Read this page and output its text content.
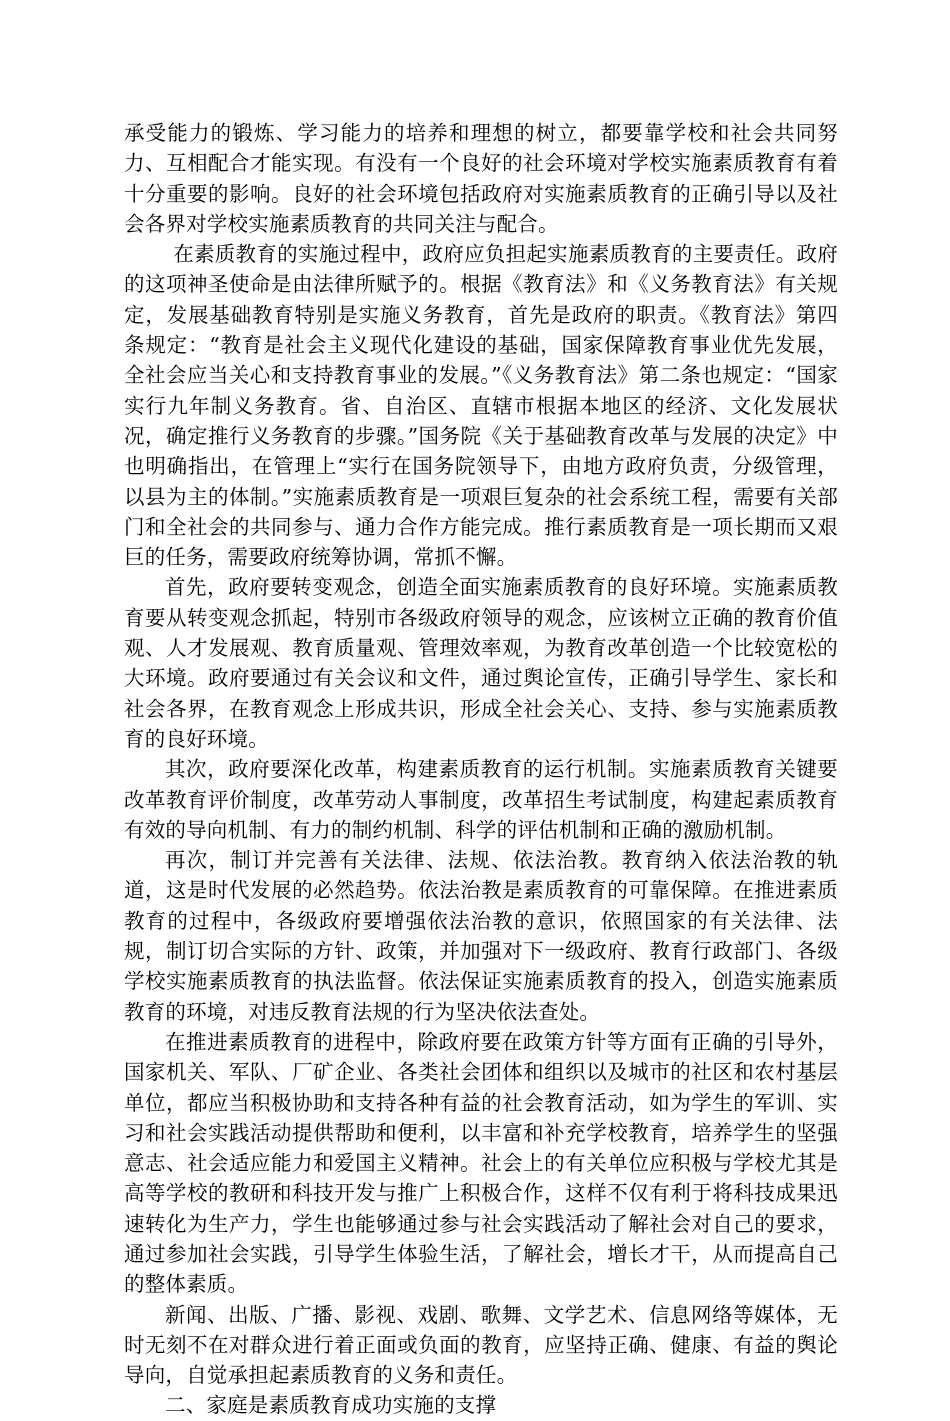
承受能力的锻炼、学习能力的培养和理想的树立，都要靠学校和社会共同努力、互相配合才能实现。有没有一个良好的社会环境对学校实施素质教育有着十分重要的影响。良好的社会环境包括政府对实施素质教育的正确引导以及社会各界对学校实施素质教育的共同关注与配合。

在素质教育的实施过程中，政府应负担起实施素质教育的主要责任。政府的这项神圣使命是由法律所赋予的。根据《教育法》和《义务教育法》有关规定，发展基础教育特别是实施义务教育，首先是政府的职责。《教育法》第四条规定：“教育是社会主义现代化建设的基础，国家保障教育事业优先发展，全社会应当关心和支持教育事业的发展。”《义务教育法》第二条也规定：“国家实行九年制义务教育。省、自治区、直辖市根据本地区的经济、文化发展状况，确定推行义务教育的步骤。”国务院《关于基础教育改革与发展的决定》中也明确指出，在管理上“实行在国务院领导下，由地方政府负责，分级管理，以县为主的体制。”实施素质教育是一项艰巨复杂的社会系统工程，需要有关部门和全社会的共同参与、通力合作方能完成。推行素质教育是一项长期而又艰巨的任务，需要政府统筹协调，常抓不懈。

首先，政府要转变观念，创造全面实施素质教育的良好环境。实施素质教育要从转变观念抓起，特别市各级政府领导的观念，应该树立正确的教育价值观、人才发展观、教育质量观、管理效率观，为教育改革创造一个比较宽松的大环境。政府要通过有关会议和文件，通过舆论宣传，正确引导学生、家长和社会各界，在教育观念上形成共识，形成全社会关心、支持、参与实施素质教育的良好环境。

其次，政府要深化改革，构建素质教育的运行机制。实施素质教育关键要改革教育评价制度，改革劳动人事制度，改革招生考试制度，构建起素质教育有效的导向机制、有力的制约机制、科学的评估机制和正确的激励机制。

再次，制订并完善有关法律、法规、依法治教。教育纳入依法治教的轨道，这是时代发展的必然趋势。依法治教是素质教育的可靠保障。在推进素质教育的过程中，各级政府要增强依法治教的意识，依照国家的有关法律、法规，制订切合实际的方针、政策，并加强对下一级政府、教育行政部门、各级学校实施素质教育的执法监督。依法保证实施素质教育的投入，创造实施素质教育的环境，对违反教育法规的行为坚决依法查处。

在推进素质教育的进程中，除政府要在政策方针等方面有正确的引导外，国家机关、军队、厂矿企业、各类社会团体和组织以及城市的社区和农村基层单位，都应当积极协助和支持各种有益的社会教育活动，如为学生的军训、实习和社会实践活动提供帮助和便利，以丰富和补充学校教育，培养学生的坚强意志、社会适应能力和爱国主义精神。社会上的有关单位应积极与学校尤其是高等学校的教研和科技开发与推广上积极合作，这样不仅有利于将科技成果迅速转化为生产力，学生也能够通过参与社会实践活动了解社会对自己的要求，通过参加社会实践，引导学生体验生活，了解社会，增长才干，从而提高自己的整体素质。

新闻、出版、广播、影视、戏剧、歌舞、文学艺术、信息网络等媒体，无时无刻不在对群众进行着正面或负面的教育，应坚持正确、健康、有益的舆论导向，自觉承担起素质教育的义务和责任。

二、家庭是素质教育成功实施的支撑
